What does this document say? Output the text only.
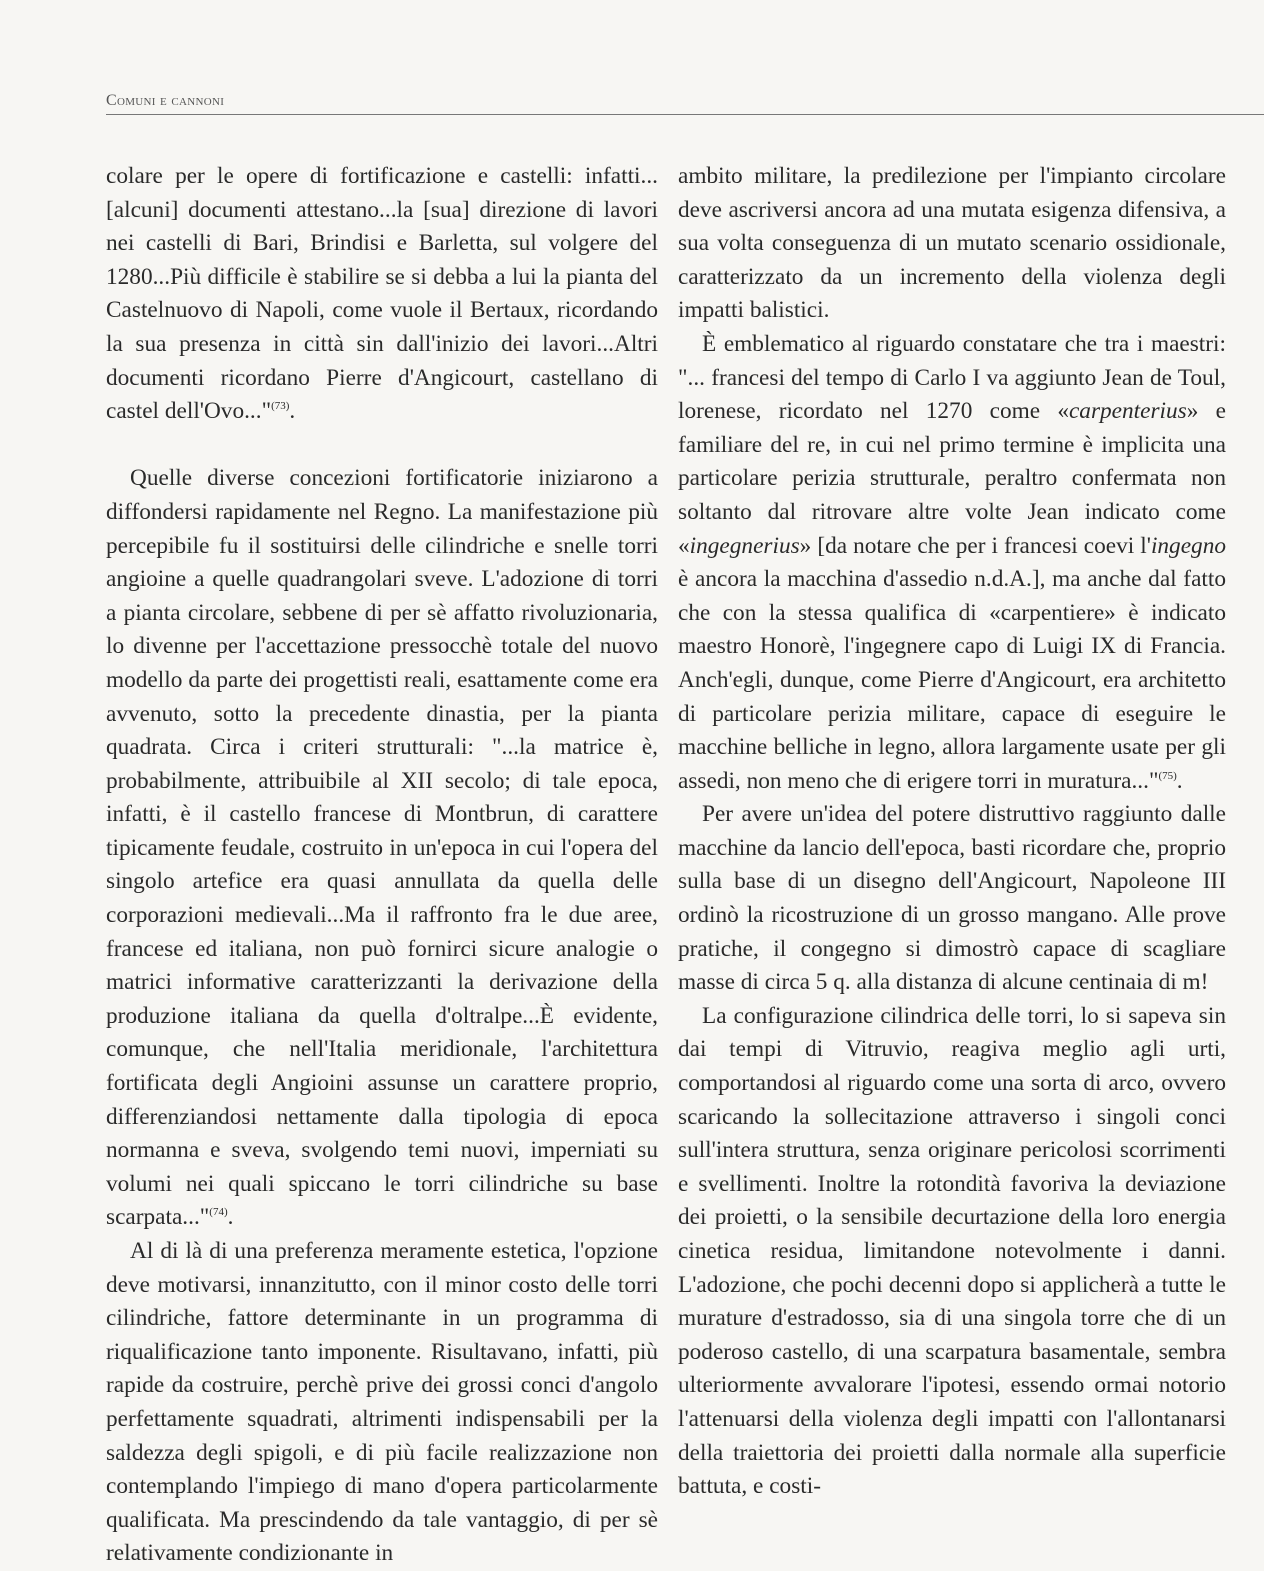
Comuni e cannoni

colare per le opere di fortificazione e castelli: infatti...[alcuni] documenti attestano...la [sua] direzione di lavori nei castelli di Bari, Brindisi e Barletta, sul volgere del 1280...Più difficile è stabilire se si debba a lui la pianta del Castelnuovo di Napoli, come vuole il Bertaux, ricordando la sua presenza in città sin dall'inizio dei lavori...Altri documenti ricordano Pierre d'Angicourt, castellano di castel dell'Ovo..."$^{(73)}$.

Quelle diverse concezioni fortificatorie iniziarono a diffondersi rapidamente nel Regno. La manifestazione più percepibile fu il sostituirsi delle cilindriche e snelle torri angioine a quelle quadrangolari sveve. L'adozione di torri a pianta circolare, sebbene di per sè affatto rivoluzionaria, lo divenne per l'accettazione pressocchè totale del nuovo modello da parte dei progettisti reali, esattamente come era avvenuto, sotto la precedente dinastia, per la pianta quadrata. Circa i criteri strutturali: "...la matrice è, probabilmente, attribuibile al XII secolo; di tale epoca, infatti, è il castello francese di Montbrun, di carattere tipicamente feudale, costruito in un'epoca in cui l'opera del singolo artefice era quasi annullata da quella delle corporazioni medievali...Ma il raffronto fra le due aree, francese ed italiana, non può fornirci sicure analogie o matrici informative caratterizzanti la derivazione della produzione italiana da quella d'oltralpe...È evidente, comunque, che nell'Italia meridionale, l'architettura fortificata degli Angioini assunse un carattere proprio, differenziandosi nettamente dalla tipologia di epoca normanna e sveva, svolgendo temi nuovi, imperniati su volumi nei quali spiccano le torri cilindriche su base scarpata..."$^{(74)}$.

Al di là di una preferenza meramente estetica, l'opzione deve motivarsi, innanzitutto, con il minor costo delle torri cilindriche, fattore determinante in un programma di riqualificazione tanto imponente. Risultavano, infatti, più rapide da costruire, perchè prive dei grossi conci d'angolo perfettamente squadrati, altrimenti indispensabili per la saldezza degli spigoli, e di più facile realizzazione non contemplando l'impiego di mano d'opera particolarmente qualificata. Ma prescindendo da tale vantaggio, di per sè relativamente condizionante in

ambito militare, la predilezione per l'impianto circolare deve ascriversi ancora ad una mutata esigenza difensiva, a sua volta conseguenza di un mutato scenario ossidionale, caratterizzato da un incremento della violenza degli impatti balistici.

È emblematico al riguardo constatare che tra i maestri: "... francesi del tempo di Carlo I va aggiunto Jean de Toul, lorenese, ricordato nel 1270 come «carpenterius» e familiare del re, in cui nel primo termine è implicita una particolare perizia strutturale, peraltro confermata non soltanto dal ritrovare altre volte Jean indicato come «ingegnerius» [da notare che per i francesi coevi l'ingegno è ancora la macchina d'assedio n.d.A.], ma anche dal fatto che con la stessa qualifica di «carpentiere» è indicato maestro Honorè, l'ingegnere capo di Luigi IX di Francia. Anch'egli, dunque, come Pierre d'Angicourt, era architetto di particolare perizia militare, capace di eseguire le macchine belliche in legno, allora largamente usate per gli assedi, non meno che di erigere torri in muratura..."$^{(75)}$.

Per avere un'idea del potere distruttivo raggiunto dalle macchine da lancio dell'epoca, basti ricordare che, proprio sulla base di un disegno dell'Angicourt, Napoleone III ordinò la ricostruzione di un grosso mangano. Alle prove pratiche, il congegno si dimostrò capace di scagliare masse di circa 5 q. alla distanza di alcune centinaia di m!

La configurazione cilindrica delle torri, lo si sapeva sin dai tempi di Vitruvio, reagiva meglio agli urti, comportandosi al riguardo come una sorta di arco, ovvero scaricando la sollecitazione attraverso i singoli conci sull'intera struttura, senza originare pericolosi scorrimenti e svellimenti. Inoltre la rotondità favoriva la deviazione dei proietti, o la sensibile decurtazione della loro energia cinetica residua, limitandone notevolmente i danni. L'adozione, che pochi decenni dopo si applicherà a tutte le murature d'estradosso, sia di una singola torre che di un poderoso castello, di una scarpatura basamentale, sembra ulteriormente avvalorare l'ipotesi, essendo ormai notorio l'attenuarsi della violenza degli impatti con l'allontanarsi della traiettoria dei proietti dalla normale alla superficie battuta, e costi-
